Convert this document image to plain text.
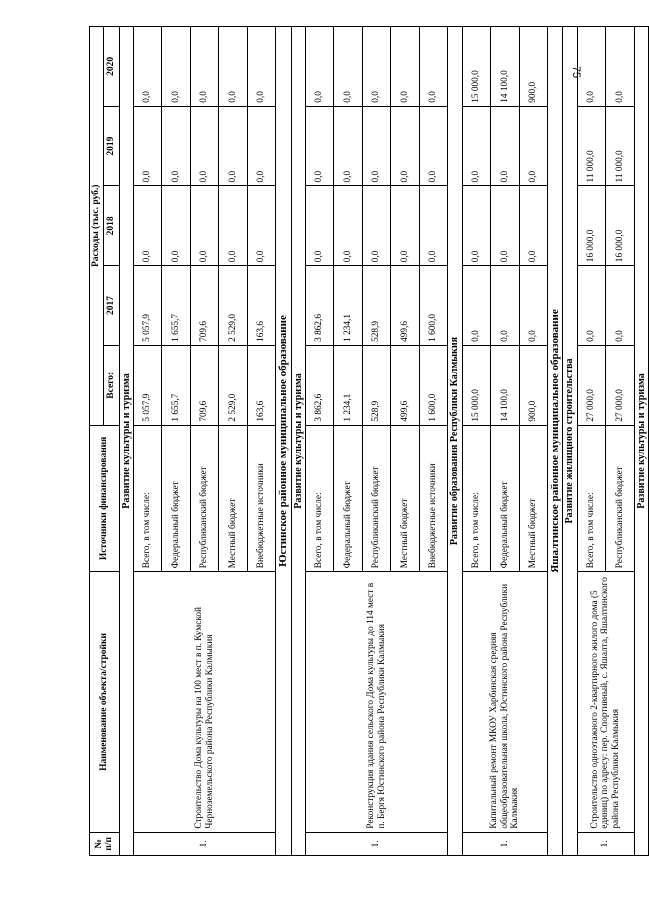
75
№ п/п	Наименование объекта/стройки	Источники финансирования	Расходы (тыс. руб.)				
			Всего:	2017	2018	2019	2020
Развитие культуры и туризма							
1.	Строительство Дома культуры на 100 мест в п. Кумской Черноземельского района Республики Калмыкия	Всего, в том числе:	5 057,9	5 057,9	0,0	0,0	0,0
		Федеральный бюджет	1 655,7	1 655,7	0,0	0,0	0,0
		Республиканский бюджет	709,6	709,6	0,0	0,0	0,0
		Местный бюджет	2 529,0	2 529,0	0,0	0,0	0,0
		Внебюджетные источники	163,6	163,6	0,0	0,0	0,0
Юстинское районное муниципальное образование							
Развитие культуры и туризма							
1.	Реконструкция здания сельского Дома культуры до 114 мест в п. Бергя Юстинского района Республики Калмыкия	Всего, в том числе:	3 862,6	3 862,6	0,0	0,0	0,0
		Федеральный бюджет	1 234,1	1 234,1	0,0	0,0	0,0
		Республиканский бюджет	528,9	528,9	0,0	0,0	0,0
		Местный бюджет	499,6	499,6	0,0	0,0	0,0
		Внебюджетные источники	1 600,0	1 600,0	0,0	0,0	0,0
Развитие образования Республики Калмыкия							
1.	Капитальный ремонт МКОУ Харбинская средняя общеобразовательная школа, Юстинского района Республики Калмыкия	Всего, в том числе:	15 000,0	0,0	0,0	0,0	15 000,0
		Федеральный бюджет	14 100,0	0,0	0,0	0,0	14 100,0
		Местный бюджет	900,0	0,0	0,0	0,0	900,0
Яшалтинское районное муниципальное образование							
Развитие жилищного строительства							
1.	Строительство одноэтажного 2-квартирного жилого дома (5 единиц) по адресу: пер. Спортивный, с. Яшалта, Яшалтинского района Республики Калмыкия	Всего, в том числе:	27 000,0	0,0	16 000,0	11 000,0	0,0
		Республиканский бюджет	27 000,0	0,0	16 000,0	11 000,0	0,0
Развитие культуры и туризма							
